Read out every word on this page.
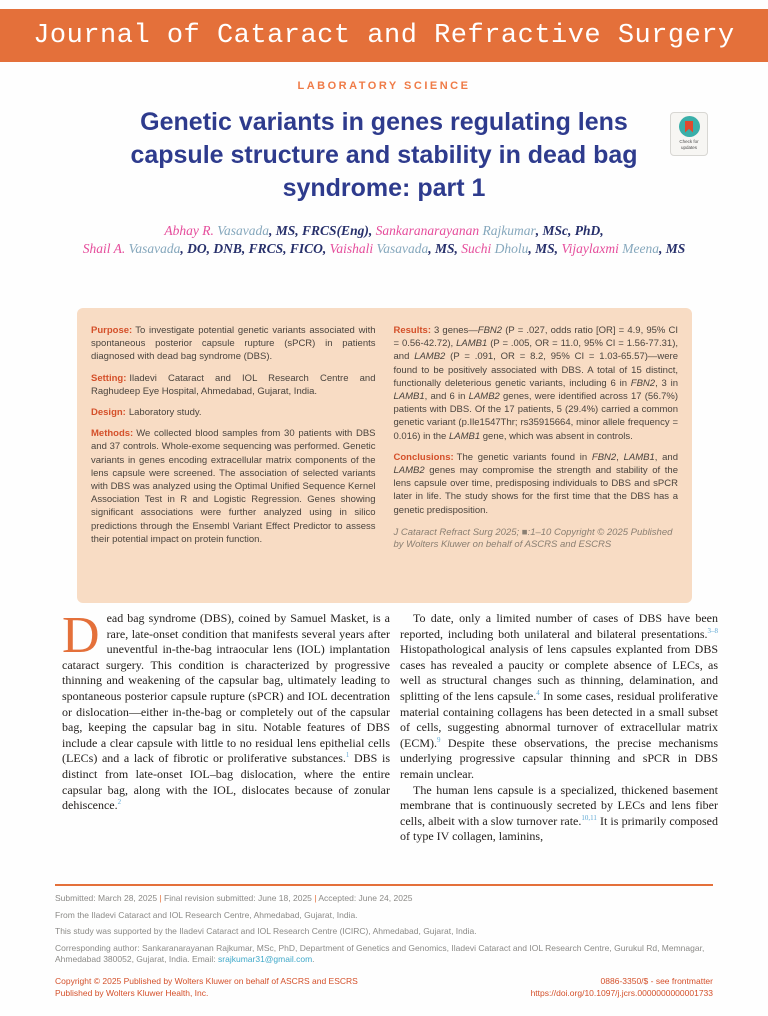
Journal of Cataract and Refractive Surgery
LABORATORY SCIENCE
Genetic variants in genes regulating lens
capsule structure and stability in dead bag
syndrome: part 1
Check for updates
Abhay R. Vasavada, MS, FRCS(Eng), Sankaranarayanan Rajkumar, MSc, PhD,
Shail A. Vasavada, DO, DNB, FRCS, FICO, Vaishali Vasavada, MS, Suchi Dholu, MS, Vijaylaxmi Meena, MS

Purpose: To investigate potential genetic variants associated with spontaneous posterior capsule rupture (sPCR) in patients diagnosed with dead bag syndrome (DBS).

Setting: Iladevi Cataract and IOL Research Centre and Raghudeep Eye Hospital, Ahmedabad, Gujarat, India.

Design: Laboratory study.

Methods: We collected blood samples from 30 patients with DBS and 37 controls. Whole-exome sequencing was performed. Genetic variants in genes encoding extracellular matrix components of the lens capsule were screened. The association of selected variants with DBS was analyzed using the Optimal Unified Sequence Kernel Association Test in R and Logistic Regression. Genes showing significant associations were further analyzed using in silico predictions through the Ensembl Variant Effect Predictor to assess their potential impact on protein function.

Results: 3 genes—FBN2 (P = .027, odds ratio [OR] = 4.9, 95% CI = 0.56-42.72), LAMB1 (P = .005, OR = 11.0, 95% CI = 1.56-77.31), and LAMB2 (P = .091, OR = 8.2, 95% CI = 1.03-65.57)—were found to be positively associated with DBS. A total of 15 distinct, functionally deleterious genetic variants, including 6 in FBN2, 3 in LAMB1, and 6 in LAMB2 genes, were identified across 17 (56.7%) patients with DBS. Of the 17 patients, 5 (29.4%) carried a common genetic variant (p.Ile1547Thr; rs35915664, minor allele frequency = 0.016) in the LAMB1 gene, which was absent in controls.

Conclusions: The genetic variants found in FBN2, LAMB1, and LAMB2 genes may compromise the strength and stability of the lens capsule over time, predisposing individuals to DBS and sPCR later in life. The study shows for the first time that the DBS has a genetic predisposition.

J Cataract Refract Surg 2025; ■:1–10 Copyright © 2025 Published by Wolters Kluwer on behalf of ASCRS and ESCRS

Dead bag syndrome (DBS), coined by Samuel Masket, is a rare, late-onset condition that manifests several years after uneventful in-the-bag intraocular lens (IOL) implantation cataract surgery. This condition is characterized by progressive thinning and weakening of the capsular bag, ultimately leading to spontaneous posterior capsule rupture (sPCR) and IOL decentration or dislocation—either in-the-bag or completely out of the capsular bag, keeping the capsular bag in situ. Notable features of DBS include a clear capsule with little to no residual lens epithelial cells (LECs) and a lack of fibrotic or proliferative substances.$^1$ DBS is distinct from late-onset IOL–bag dislocation, where the entire capsular bag, along with the IOL, dislocates because of zonular dehiscence.$^2$

To date, only a limited number of cases of DBS have been reported, including both unilateral and bilateral presentations.$^{3-8}$ Histopathological analysis of lens capsules explanted from DBS cases has revealed a paucity or complete absence of LECs, as well as structural changes such as thinning, delamination, and splitting of the lens capsule.$^4$ In some cases, residual proliferative material containing collagens has been detected in a small subset of cells, suggesting abnormal turnover of extracellular matrix (ECM).$^9$ Despite these observations, the precise mechanisms underlying progressive capsular thinning and sPCR in DBS remain unclear.

The human lens capsule is a specialized, thickened basement membrane that is continuously secreted by LECs and lens fiber cells, albeit with a slow turnover rate.$^{10,11}$ It is primarily composed of type IV collagen, laminins,

Submitted: March 28, 2025 | Final revision submitted: June 18, 2025 | Accepted: June 24, 2025

From the Iladevi Cataract and IOL Research Centre, Ahmedabad, Gujarat, India.

This study was supported by the Iladevi Cataract and IOL Research Centre (ICIRC), Ahmedabad, Gujarat, India.

Corresponding author: Sankaranarayanan Rajkumar, MSc, PhD, Department of Genetics and Genomics, Iladevi Cataract and IOL Research Centre, Gurukul Rd, Memnagar, Ahmedabad 380052, Gujarat, India. Email: srajkumar31@gmail.com.

Copyright © 2025 Published by Wolters Kluwer on behalf of ASCRS and ESCRS
Published by Wolters Kluwer Health, Inc.
0886-3350/$ - see frontmatter
https://doi.org/10.1097/j.jcrs.0000000000001733
